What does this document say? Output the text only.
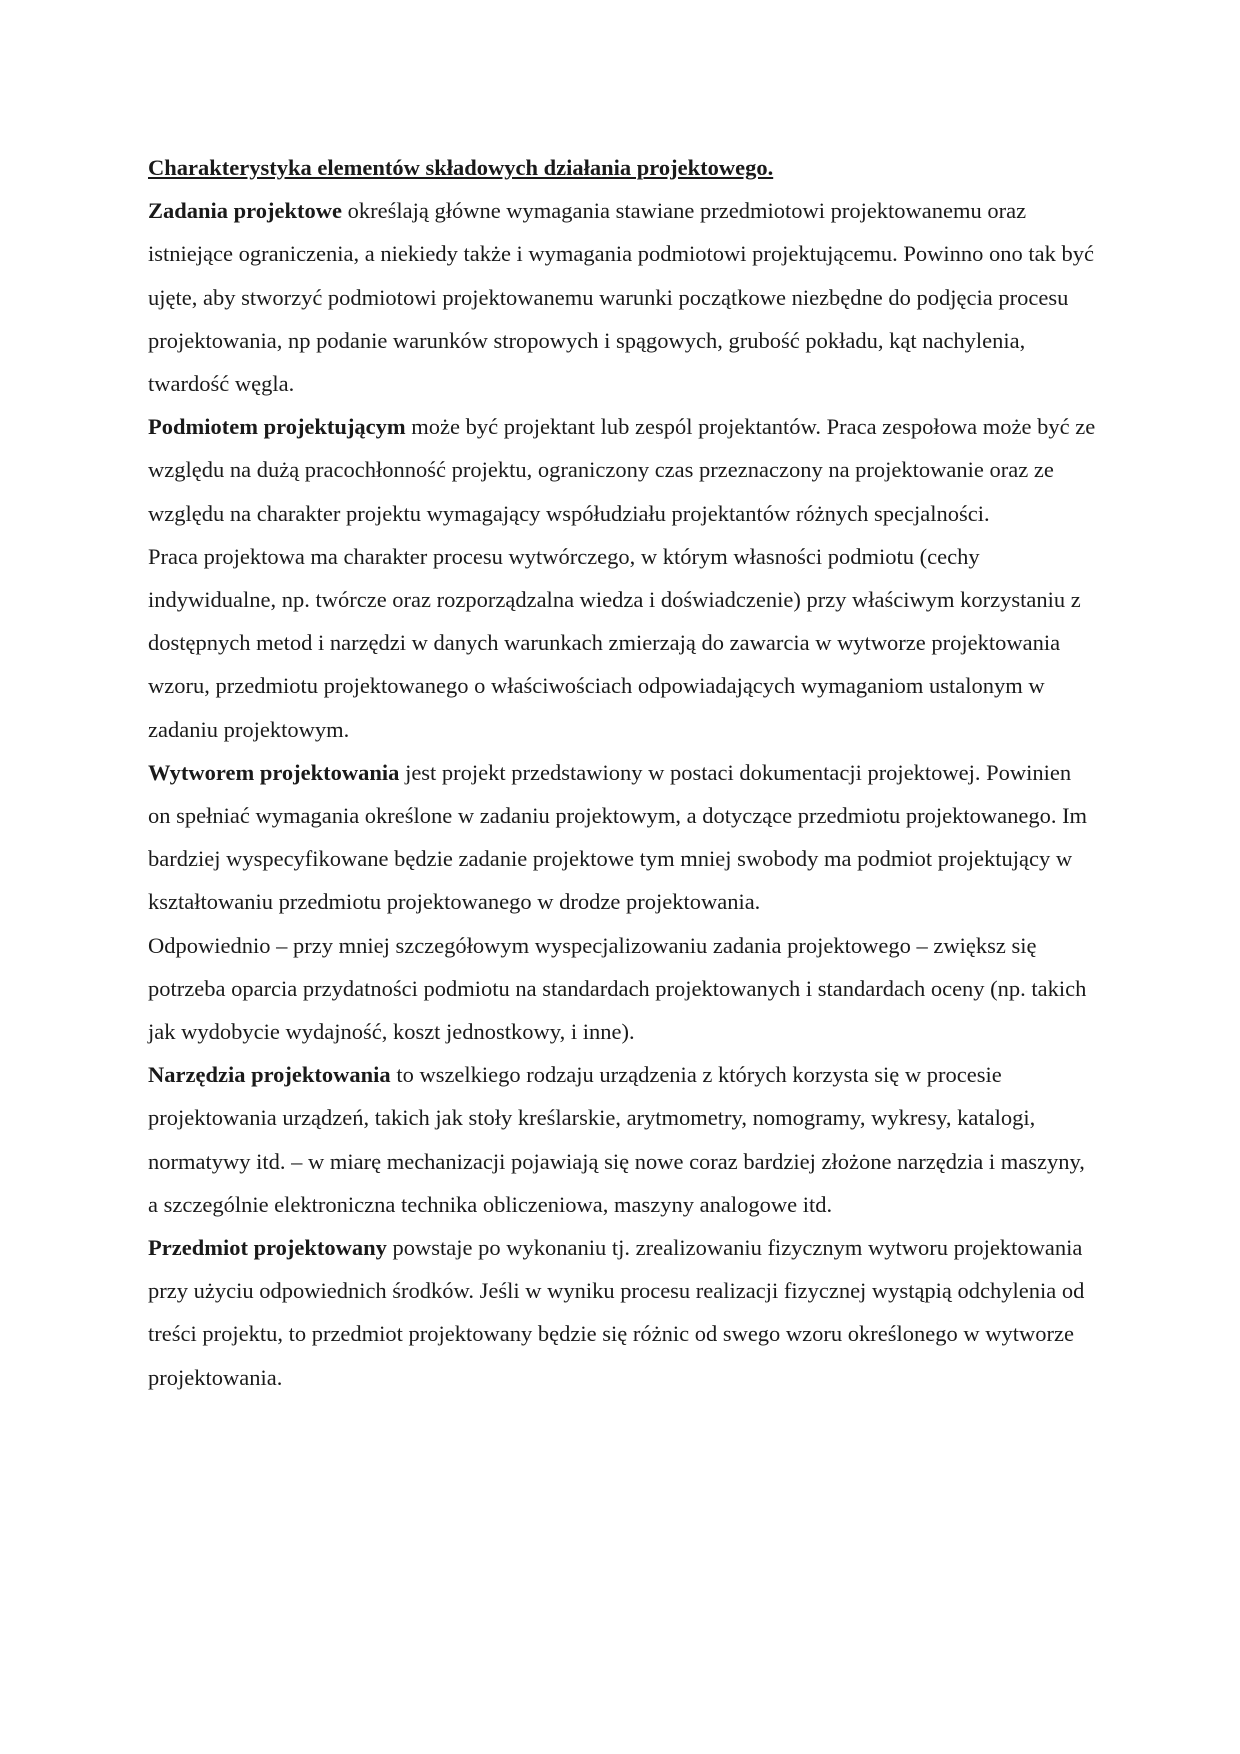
Charakterystyka elementów składowych działania projektowego.

Zadania projektowe określają główne wymagania stawiane przedmiotowi projektowanemu oraz istniejące ograniczenia, a niekiedy także i wymagania podmiotowi projektującemu. Powinno ono tak być ujęte, aby stworzyć podmiotowi projektowanemu warunki początkowe niezbędne do podjęcia procesu projektowania, np podanie warunków stropowych i spągowych, grubość pokładu, kąt nachylenia, twardość węgla.

Podmiotem projektującym może być projektant lub zespól projektantów. Praca zespołowa może być ze względu na dużą pracochłonność projektu, ograniczony czas przeznaczony na projektowanie oraz ze względu na charakter projektu wymagający współudziału projektantów różnych specjalności.

Praca projektowa ma charakter procesu wytwórczego, w którym własności podmiotu (cechy indywidualne, np. twórcze oraz rozporządzalna wiedza i doświadczenie) przy właściwym korzystaniu z dostępnych metod i narzędzi w danych warunkach zmierzają do zawarcia w wytworze projektowania wzoru, przedmiotu projektowanego o właściwościach odpowiadających wymaganiom ustalonym w zadaniu projektowym.

Wytworem projektowania jest projekt przedstawiony w postaci dokumentacji projektowej. Powinien on spełniać wymagania określone w zadaniu projektowym, a dotyczące przedmiotu projektowanego. Im bardziej wyspecyfikowane będzie zadanie projektowe tym mniej swobody ma podmiot projektujący w kształtowaniu przedmiotu projektowanego w drodze projektowania.

Odpowiednio – przy mniej szczegółowym wyspecjalizowaniu zadania projektowego – zwiększ się potrzeba oparcia przydatności podmiotu na standardach projektowanych i standardach oceny (np. takich jak wydobycie wydajność, koszt jednostkowy, i inne).

Narzędzia projektowania to wszelkiego rodzaju urządzenia z których korzysta się w procesie projektowania urządzeń, takich jak stoły kreślarskie, arytmometry, nomogramy, wykresy, katalogi, normatywy itd. – w miarę mechanizacji pojawiają się nowe coraz bardziej złożone narzędzia i maszyny, a szczególnie elektroniczna technika obliczeniowa, maszyny analogowe itd.

Przedmiot projektowany powstaje po wykonaniu tj. zrealizowaniu fizycznym wytworu projektowania przy użyciu odpowiednich środków. Jeśli w wyniku procesu realizacji fizycznej wystąpią odchylenia od treści projektu, to przedmiot projektowany będzie się różnic od swego wzoru określonego w wytworze projektowania.
